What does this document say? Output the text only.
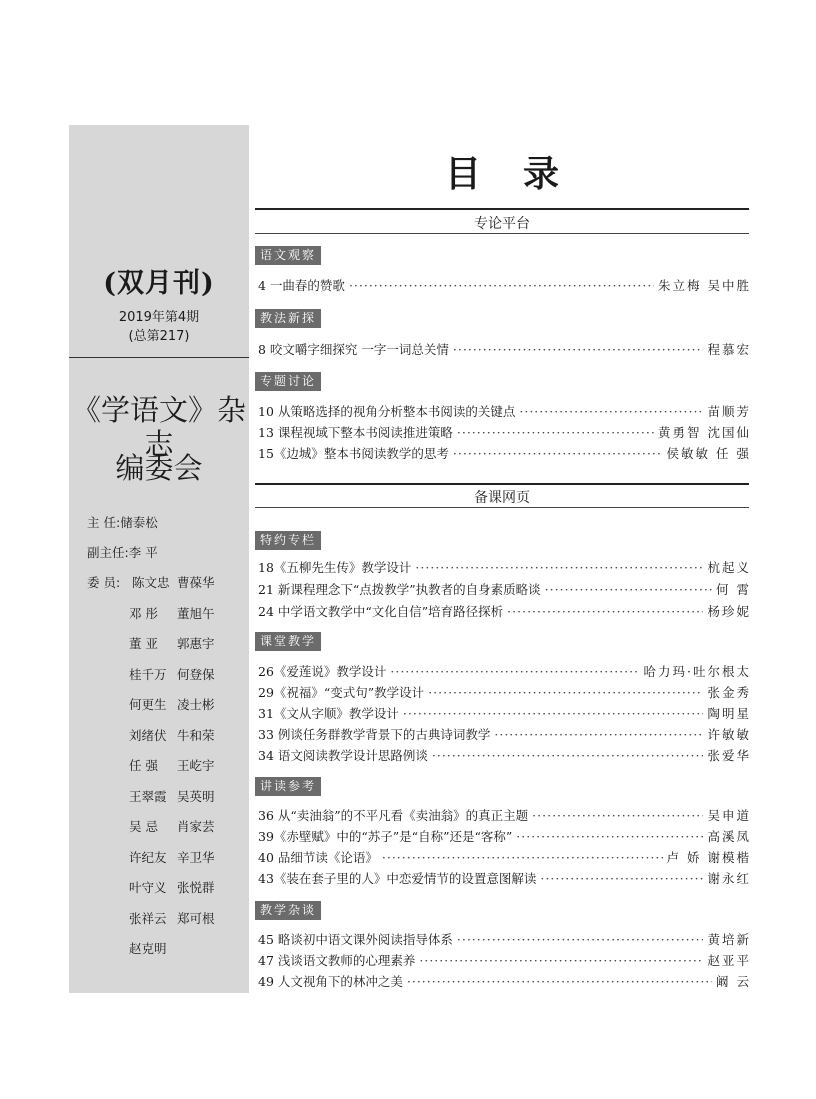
(双月刊)
2019年第4期
(总第217)
《学语文》杂志
编委会
主 任:储泰松
副主任:李 平
委 员: 陈文忠 曹葆华
邓 彤 董旭午
董 亚 郭惠宇
桂千万 何登保
何更生 凌士彬
刘绪伏 牛和荣
任 强 王屹宇
王翠霞 吴英明
吴 忌 肖家芸
许纪友 辛卫华
叶守义 张悦群
张祥云 郑可根
赵克明
目录
专论平台
语文观察
4 一曲春的赞歌 ·····	朱立梅 吴中胜
教法新探
8 咬文嚼字细探究 一字一词总关情 ·····	程慕宏
专题讨论
10 从策略选择的视角分析整本书阅读的关键点 ·····	苗顺芳
13 课程视域下整本书阅读推进策略 ·····	黄勇智 沈国仙
15《边城》整本书阅读教学的思考 ·····	侯敏敏 任 强
备课网页
特约专栏
18《五柳先生传》教学设计 ·····	杭起义
21 新课程理念下“点拨教学”执教者的自身素质略谈 ·····	何 霄
24 中学语文教学中“文化自信”培育路径探析 ·····	杨珍妮
课堂教学
26《爱莲说》教学设计 ·····	哈力玛·吐尔根太
29《祝福》“变式句”教学设计 ·····	张金秀
31《文从字顺》教学设计 ·····	陶明星
33 例谈任务群教学背景下的古典诗词教学 ·····	许敏敏
34 语文阅读教学设计思路例谈 ·····	张爱华
讲读参考
36 从“卖油翁”的不平凡看《卖油翁》的真正主题 ·····	吴申道
39《赤壁赋》中的“苏子”是“自称”还是“客称” ·····	高溪凤
40 品细节读《论语》 ·····	卢 娇 谢模楷
43《装在套子里的人》中恋爱情节的设置意图解读 ·····	谢永红
教学杂谈
45 略谈初中语文课外阅读指导体系 ·····	黄培新
47 浅谈语文教师的心理素养 ·····	赵亚平
49 人文视角下的林冲之美 ·····	阚 云
